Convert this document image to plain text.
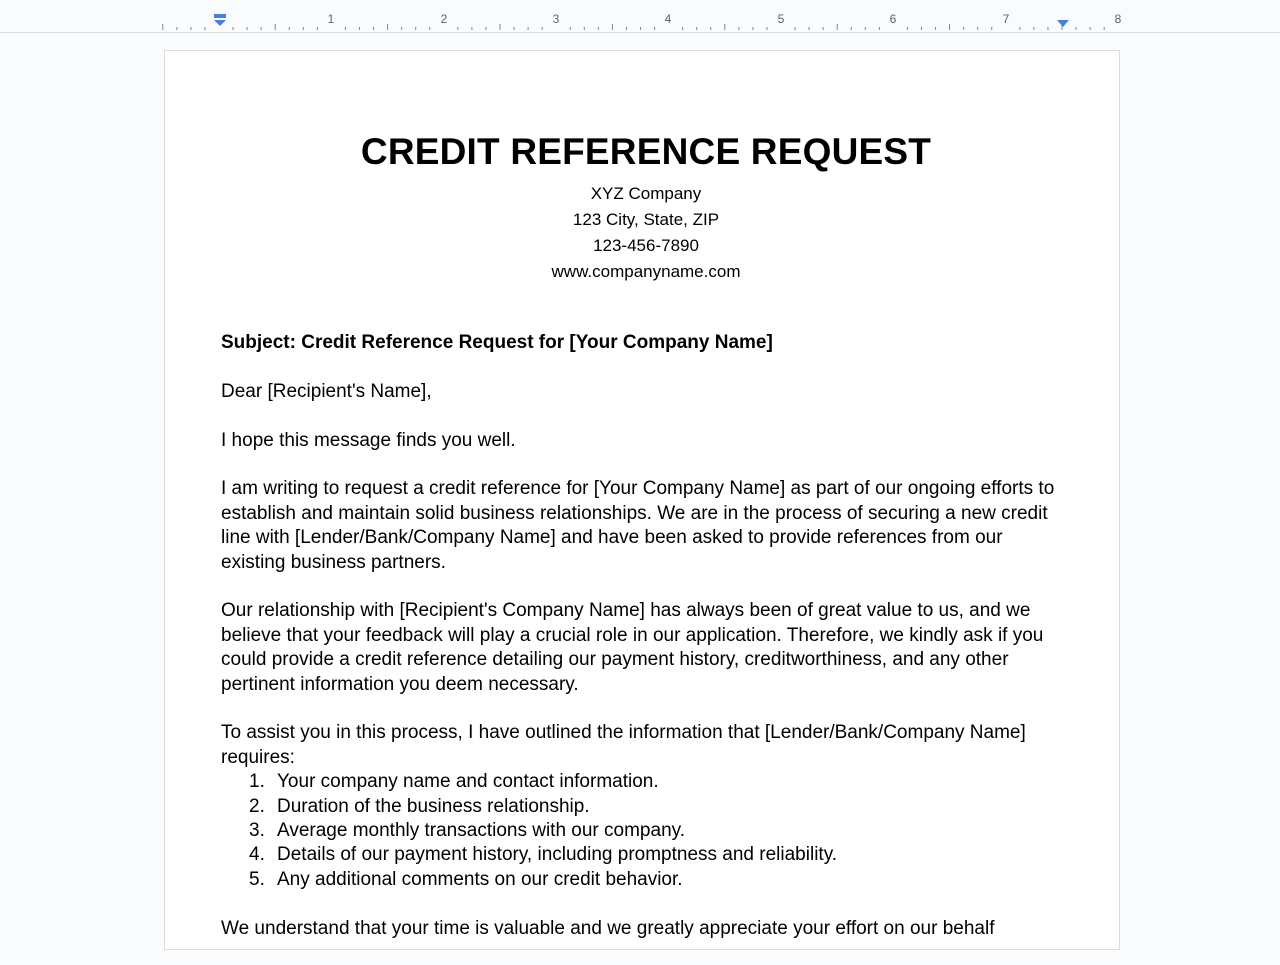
1	2	3	4	5	6	7	8
CREDIT REFERENCE REQUEST
XYZ Company
123 City, State, ZIP
123-456-7890
www.companyname.com
Subject: Credit Reference Request for [Your Company Name]
Dear [Recipient's Name],
I hope this message finds you well.
I am writing to request a credit reference for [Your Company Name] as part of our ongoing efforts to establish and maintain solid business relationships. We are in the process of securing a new credit line with [Lender/Bank/Company Name] and have been asked to provide references from our existing business partners.
Our relationship with [Recipient's Company Name] has always been of great value to us, and we believe that your feedback will play a crucial role in our application. Therefore, we kindly ask if you could provide a credit reference detailing our payment history, creditworthiness, and any other pertinent information you deem necessary.
To assist you in this process, I have outlined the information that [Lender/Bank/Company Name] requires:
1. Your company name and contact information.
2. Duration of the business relationship.
3. Average monthly transactions with our company.
4. Details of our payment history, including promptness and reliability.
5. Any additional comments on our credit behavior.
We understand that your time is valuable and we greatly appreciate your effort on our behalf
